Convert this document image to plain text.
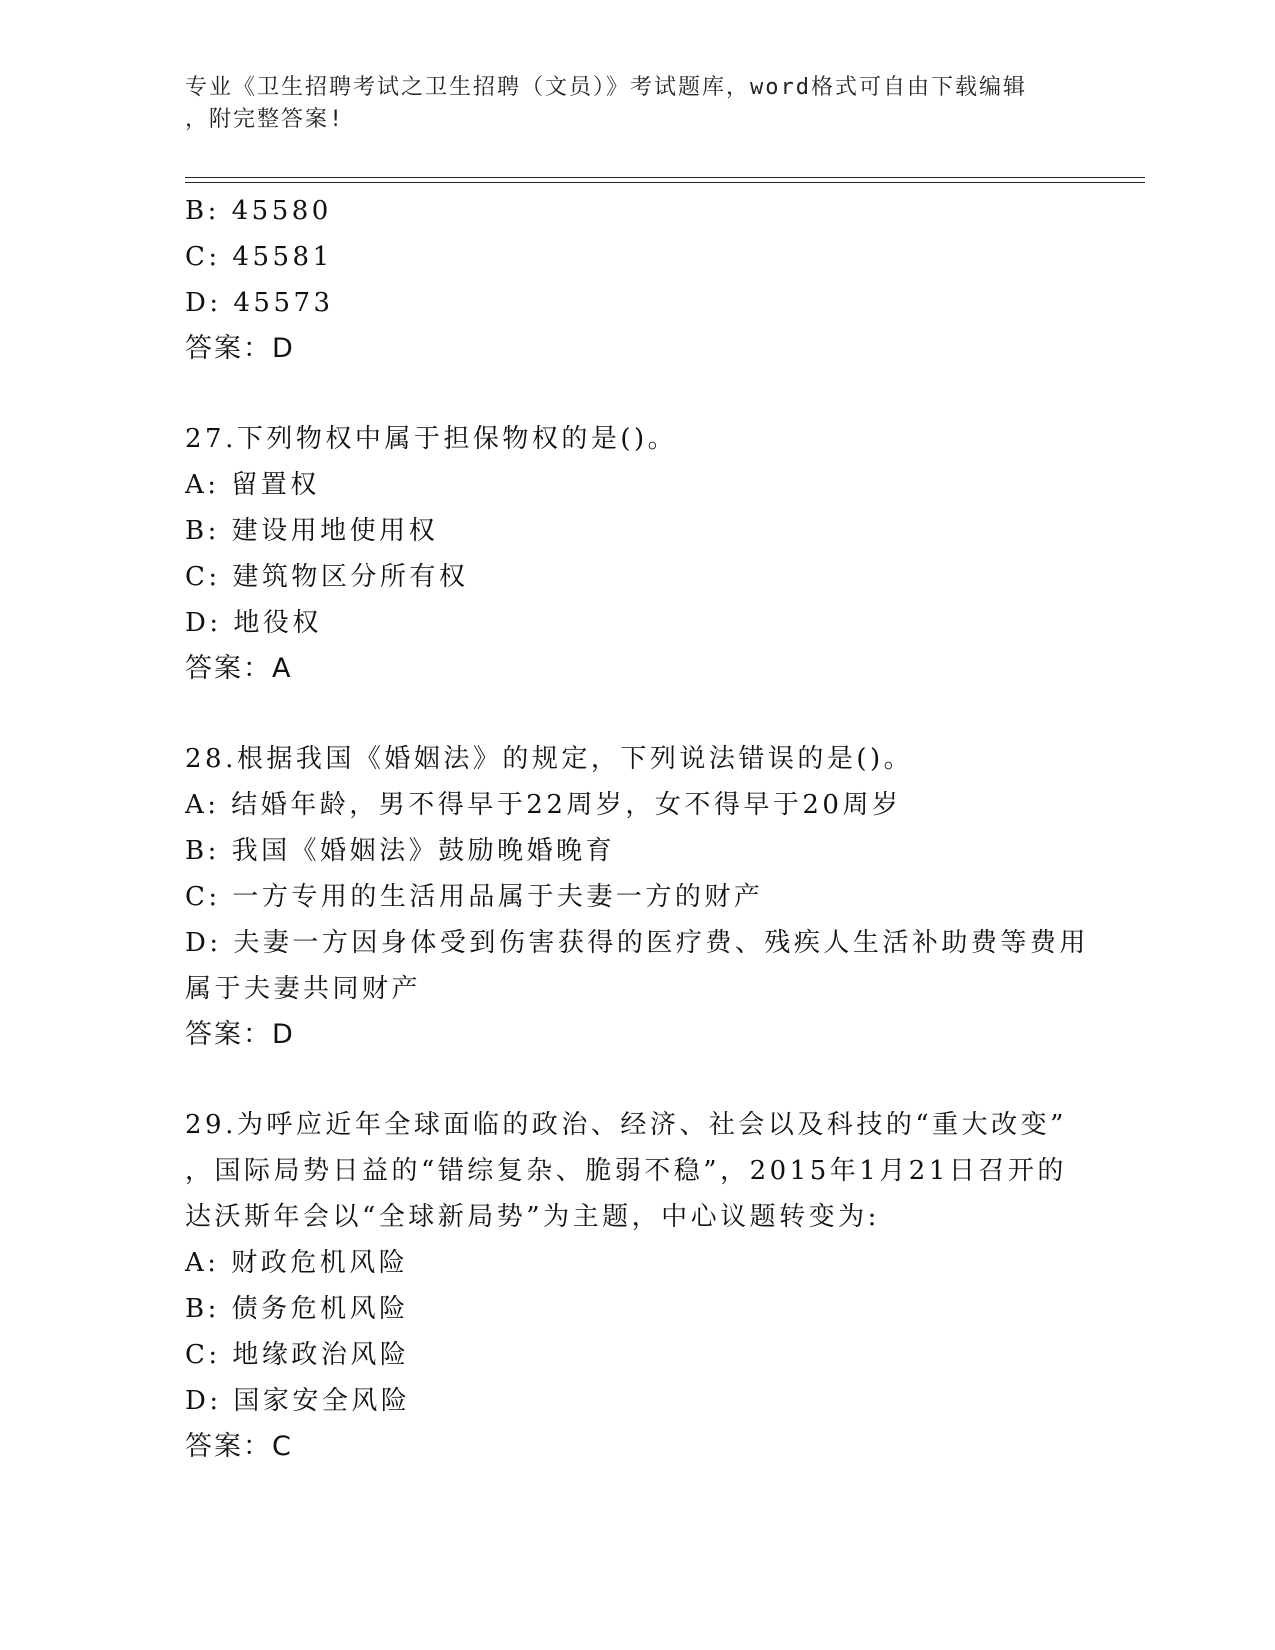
专业《卫生招聘考试之卫生招聘（文员）》考试题库，word格式可自由下载编辑
，附完整答案!
B: 45580
C: 45581
D: 45573
答案：D
27.下列物权中属于担保物权的是()。
A: 留置权
B: 建设用地使用权
C: 建筑物区分所有权
D: 地役权
答案：A
28.根据我国《婚姻法》的规定，下列说法错误的是()。
A: 结婚年龄，男不得早于22周岁，女不得早于20周岁
B: 我国《婚姻法》鼓励晚婚晚育
C: 一方专用的生活用品属于夫妻一方的财产
D: 夫妻一方因身体受到伤害获得的医疗费、残疾人生活补助费等费用
属于夫妻共同财产
答案：D
29.为呼应近年全球面临的政治、经济、社会以及科技的“重大改变”
，国际局势日益的“错综复杂、脆弱不稳”，2015年1月21日召开的
达沃斯年会以“全球新局势”为主题，中心议题转变为:
A: 财政危机风险
B: 债务危机风险
C: 地缘政治风险
D: 国家安全风险
答案：C
